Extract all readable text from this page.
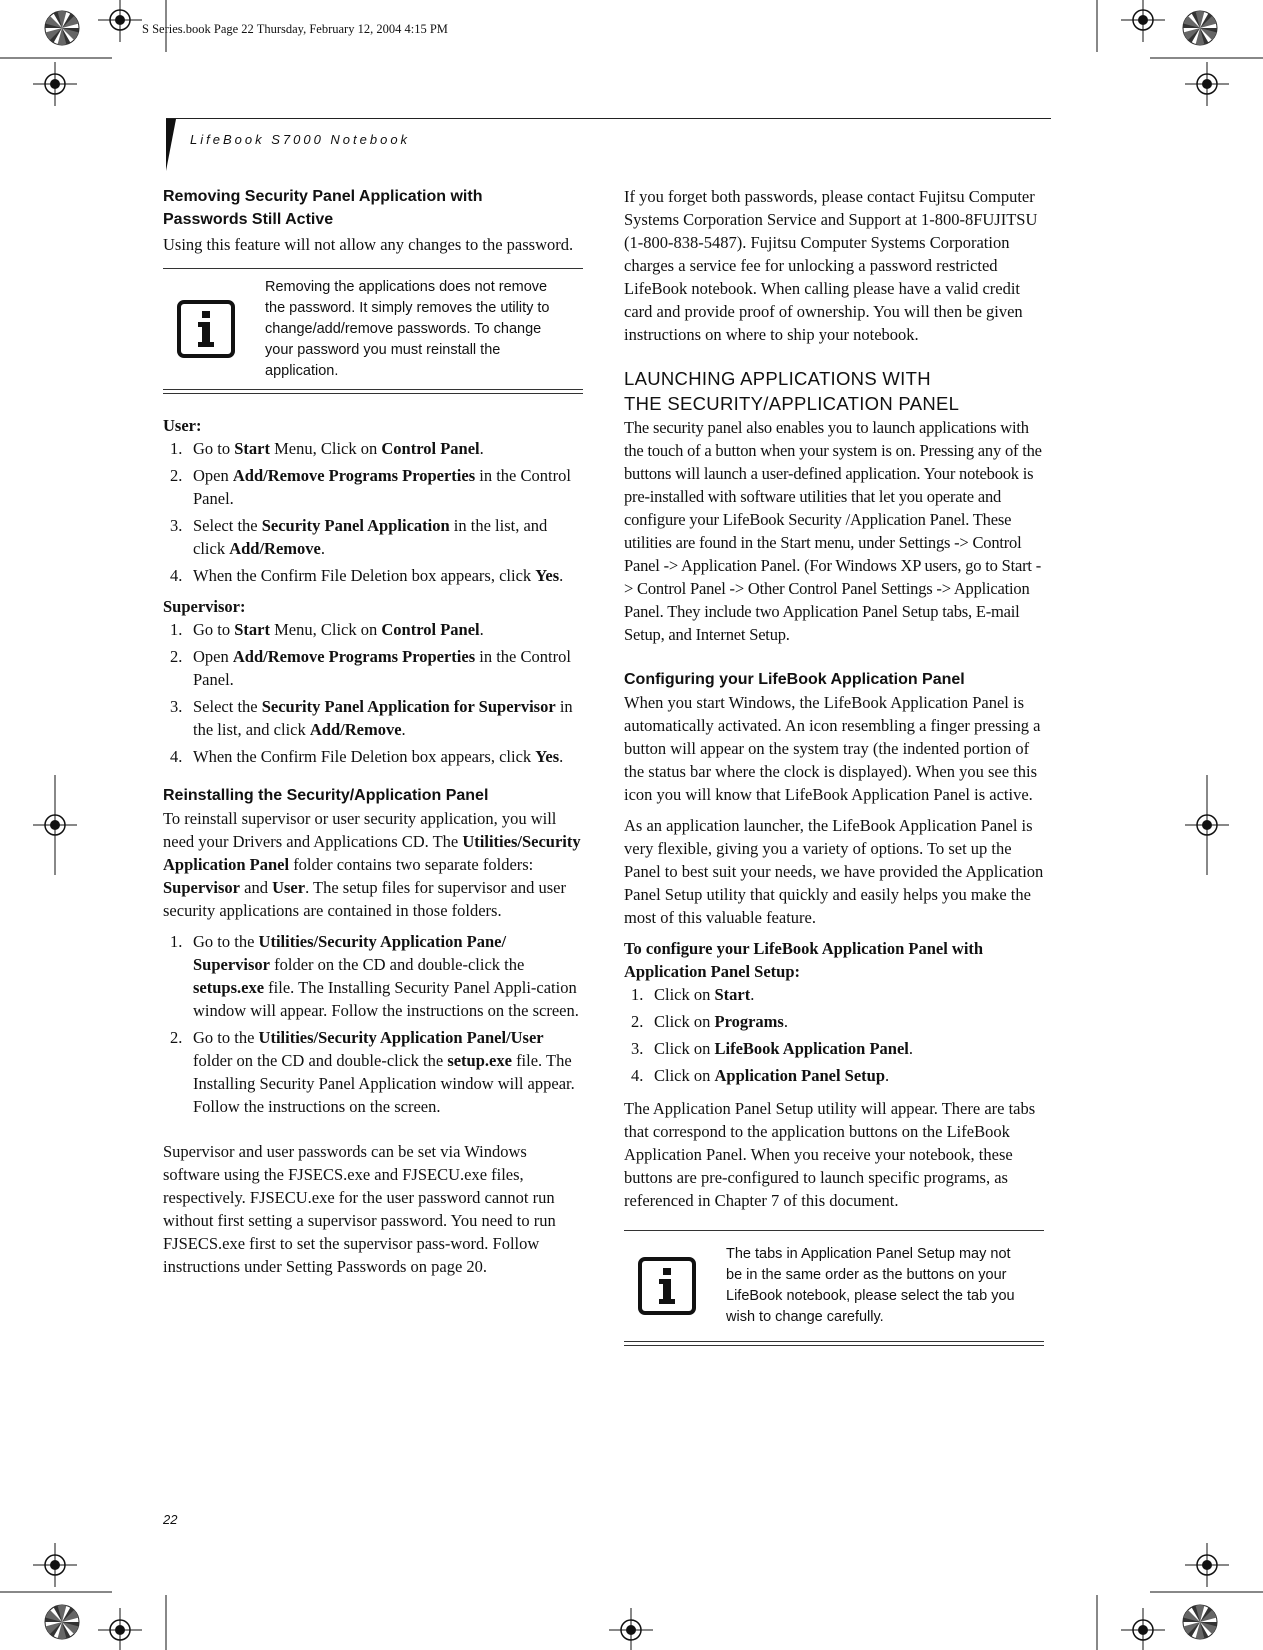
S Series.book Page 22 Thursday, February 12, 2004 4:15 PM
LifeBook S7000 Notebook
Removing Security Panel Application with Passwords Still Active

Using this feature will not allow any changes to the password.

Removing the applications does not remove the password. It simply removes the utility to change/add/remove passwords. To change your password you must reinstall the application.

User:

1. Go to Start Menu, Click on Control Panel.
2. Open Add/Remove Programs Properties in the Control Panel.
3. Select the Security Panel Application in the list, and click Add/Remove.
4. When the Confirm File Deletion box appears, click Yes.

Supervisor:

1. Go to Start Menu, Click on Control Panel.
2. Open Add/Remove Programs Properties in the Control Panel.
3. Select the Security Panel Application for Supervisor in the list, and click Add/Remove.
4. When the Confirm File Deletion box appears, click Yes.
Reinstalling the Security/Application Panel

To reinstall supervisor or user security application, you will need your Drivers and Applications CD. The Utilities/Security Application Panel folder contains two separate folders: Supervisor and User. The setup files for supervisor and user security applications are contained in those folders.

1. Go to the Utilities/Security Application Pane/ Supervisor folder on the CD and double-click the setups.exe file. The Installing Security Panel Appli-cation window will appear. Follow the instructions on the screen.
2. Go to the Utilities/Security Application Panel/User folder on the CD and double-click the setup.exe file. The Installing Security Panel Application window will appear. Follow the instructions on the screen.

Supervisor and user passwords can be set via Windows software using the FJSECS.exe and FJSECU.exe files, respectively. FJSECU.exe for the user password cannot run without first setting a supervisor password. You need to run FJSECS.exe first to set the supervisor pass-word. Follow instructions under Setting Passwords on page 20.

If you forget both passwords, please contact Fujitsu Computer Systems Corporation Service and Support at 1-800-8FUJITSU (1-800-838-5487). Fujitsu Computer Systems Corporation charges a service fee for unlocking a password restricted LifeBook notebook. When calling please have a valid credit card and provide proof of ownership. You will then be given instructions on where to ship your notebook.

LAUNCHING APPLICATIONS WITH
THE SECURITY/APPLICATION PANEL

The security panel also enables you to launch applications with the touch of a button when your system is on. Pressing any of the buttons will launch a user-defined application. Your notebook is pre-installed with software utilities that let you operate and configure your LifeBook Security /Application Panel. These utilities are found in the Start menu, under Settings -> Control Panel -> Application Panel. (For Windows XP users, go to Start -> Control Panel -> Other Control Panel Settings -> Application Panel. They include two Application Panel Setup tabs, E-mail Setup, and Internet Setup.

Configuring your LifeBook Application Panel

When you start Windows, the LifeBook Application Panel is automatically activated. An icon resembling a finger pressing a button will appear on the system tray (the indented portion of the status bar where the clock is displayed). When you see this icon you will know that LifeBook Application Panel is active.

As an application launcher, the LifeBook Application Panel is very flexible, giving you a variety of options. To set up the Panel to best suit your needs, we have provided the Application Panel Setup utility that quickly and easily helps you make the most of this valuable feature.

To configure your LifeBook Application Panel with Application Panel Setup:

1. Click on Start.
2. Click on Programs.
3. Click on LifeBook Application Panel.
4. Click on Application Panel Setup.

The Application Panel Setup utility will appear. There are tabs that correspond to the application buttons on the LifeBook Application Panel. When you receive your notebook, these buttons are pre-configured to launch specific programs, as referenced in Chapter 7 of this document.

The tabs in Application Panel Setup may not be in the same order as the buttons on your LifeBook notebook, please select the tab you wish to change carefully.
22
